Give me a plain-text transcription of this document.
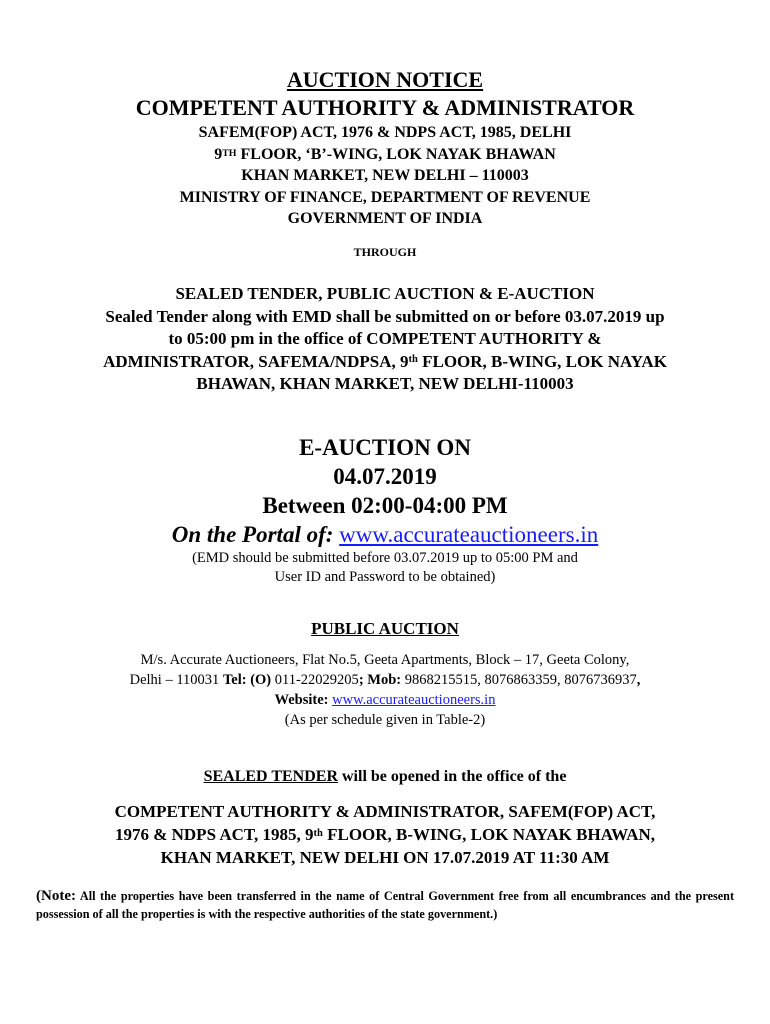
AUCTION NOTICE

COMPETENT AUTHORITY & ADMINISTRATOR

SAFEM(FOP) ACT, 1976 & NDPS ACT, 1985, DELHI

9TH FLOOR, ‘B’-WING, LOK NAYAK BHAWAN

KHAN MARKET, NEW DELHI – 110003

MINISTRY OF FINANCE, DEPARTMENT OF REVENUE

GOVERNMENT OF INDIA

THROUGH

SEALED TENDER, PUBLIC AUCTION & E-AUCTION

Sealed Tender along with EMD shall be submitted on or before 03.07.2019 up

to 05:00 pm in the office of COMPETENT AUTHORITY &

ADMINISTRATOR, SAFEMA/NDPSA, 9th FLOOR, B-WING, LOK NAYAK

BHAWAN, KHAN MARKET, NEW DELHI-110003

E-AUCTION ON

04.07.2019

Between 02:00-04:00 PM

On the Portal of: www.accurateauctioneers.in

(EMD should be submitted before 03.07.2019 up to 05:00 PM and

User ID and Password to be obtained)

PUBLIC AUCTION

M/s. Accurate Auctioneers, Flat No.5, Geeta Apartments, Block – 17, Geeta Colony,

Delhi – 110031 Tel: (O) 011-22029205; Mob: 9868215515, 8076863359, 8076736937,

Website: www.accurateauctioneers.in

(As per schedule given in Table-2)

SEALED TENDER will be opened in the office of the

COMPETENT AUTHORITY & ADMINISTRATOR, SAFEM(FOP) ACT,

1976 & NDPS ACT, 1985, 9th FLOOR, B-WING, LOK NAYAK BHAWAN,

KHAN MARKET, NEW DELHI ON 17.07.2019 AT 11:30 AM

(Note: All the properties have been transferred in the name of Central Government free from all encumbrances and the present possession of all the properties is with the respective authorities of the state government.)
